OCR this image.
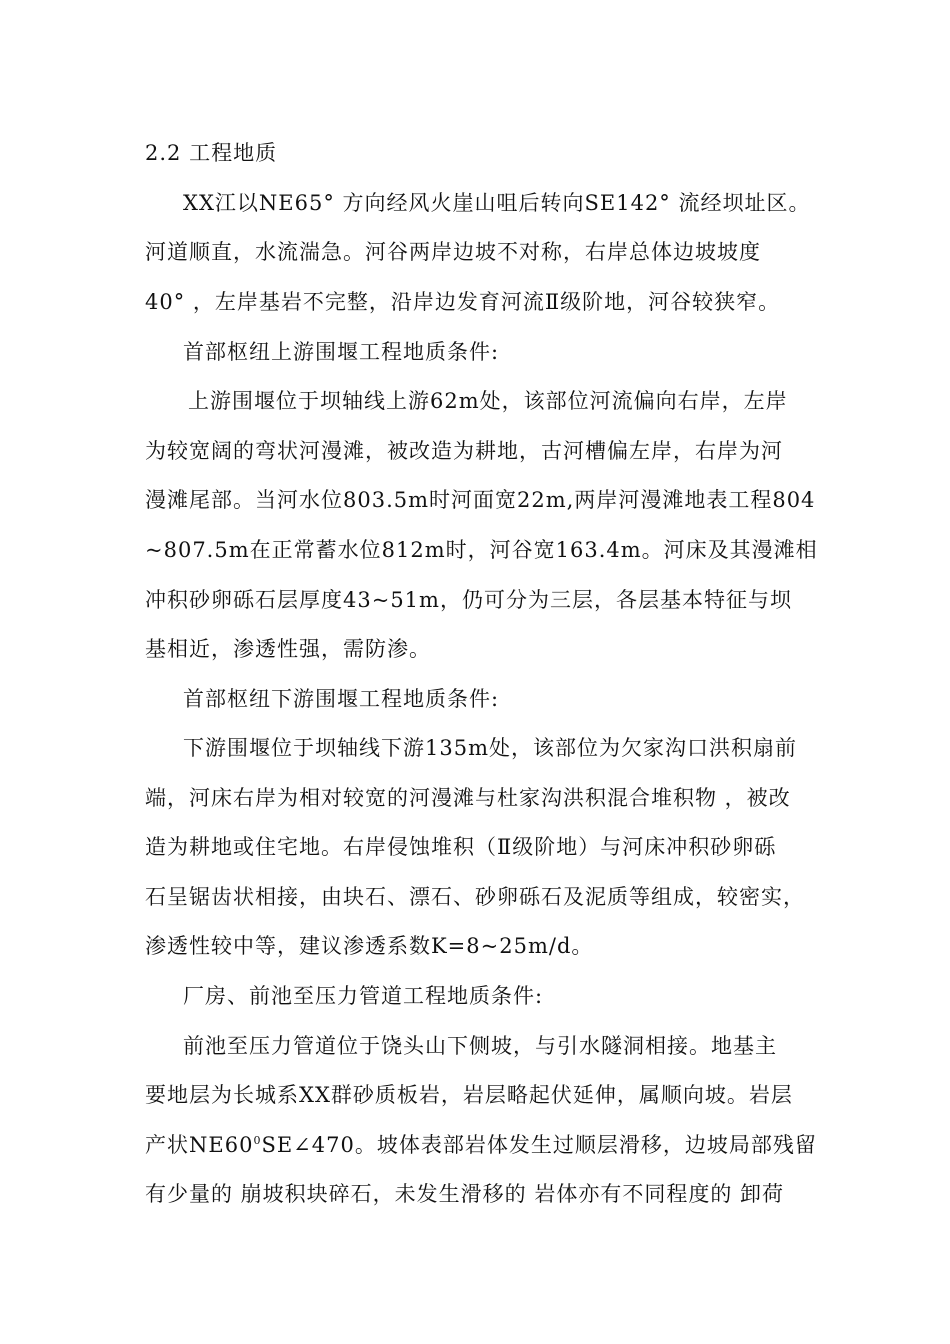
2.2 工程地质
XX江以NE65° 方向经风火崖山咀后转向SE142° 流经坝址区。
河道顺直，水流湍急。河谷两岸边坡不对称，右岸总体边坡坡度
40° ，左岸基岩不完整，沿岸边发育河流Ⅱ级阶地，河谷较狭窄。
首部枢纽上游围堰工程地质条件:
上游围堰位于坝轴线上游62m处，该部位河流偏向右岸，左岸
为较宽阔的弯状河漫滩，被改造为耕地，古河槽偏左岸，右岸为河
漫滩尾部。当河水位803.5m时河面宽22m,两岸河漫滩地表工程804
~807.5m在正常蓄水位812m时，河谷宽163.4m。河床及其漫滩相
冲积砂卵砾石层厚度43~51m，仍可分为三层，各层基本特征与坝
基相近，渗透性强，需防渗。
首部枢纽下游围堰工程地质条件:
下游围堰位于坝轴线下游135m处，该部位为欠家沟口洪积扇前
端，河床右岸为相对较宽的河漫滩与杜家沟洪积混合堆积物 ，被改
造为耕地或住宅地。右岸侵蚀堆积（Ⅱ级阶地）与河床冲积砂卵砾
石呈锯齿状相接，由块石、漂石、砂卵砾石及泥质等组成，较密实，
渗透性较中等，建议渗透系数K=8~25m/d。
厂房、前池至压力管道工程地质条件:
前池至压力管道位于饶头山下侧坡，与引水隧洞相接。地基主
要地层为长城系XX群砂质板岩，岩层略起伏延伸，属顺向坡。岩层
产状$NE60^0SE\angle 470$。坡体表部岩体发生过顺层滑移，边坡局部残留
有少量的 崩坡积块碎石，未发生滑移的 岩体亦有不同程度的 卸荷
